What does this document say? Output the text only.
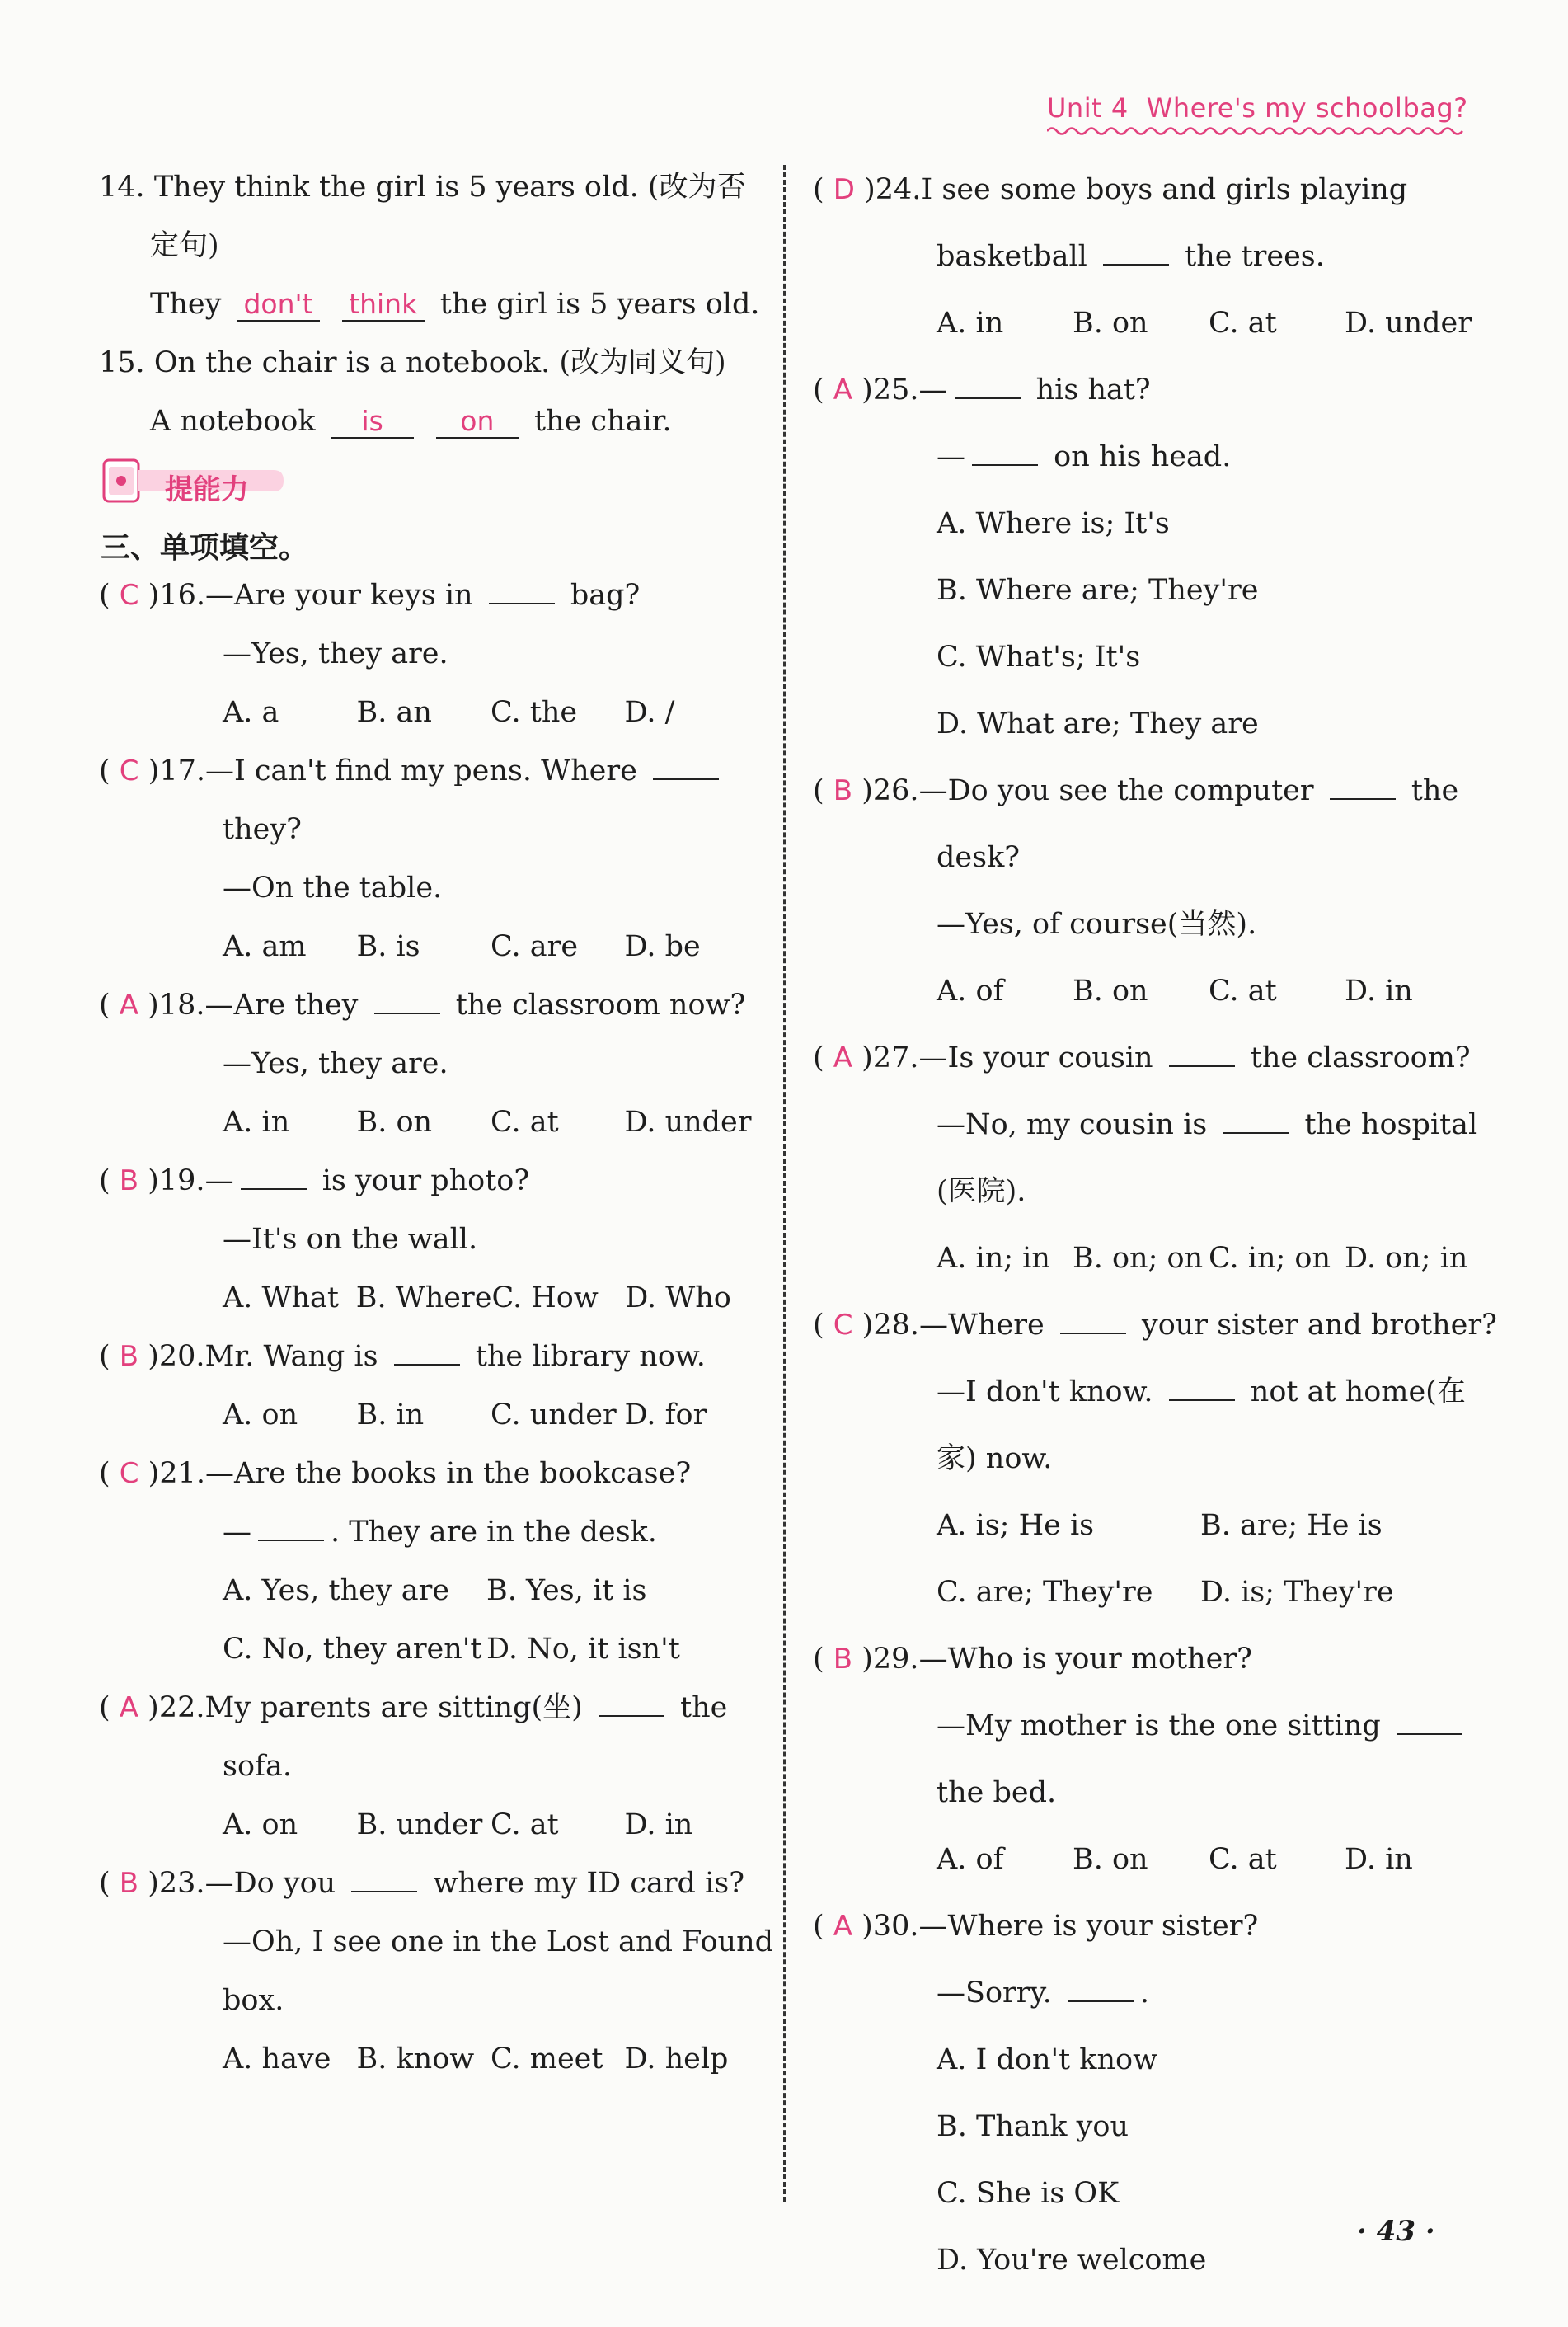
Unit 4 Where's my schoolbag?
14. They think the girl is 5 years old. (改为否
定句)
They don't think the girl is 5 years old.
15. On the chair is a notebook. (改为同义句)
A notebook is	on the chair.
( C )16.—Are your keys in	bag?
—Yes, they are.
A. a	B. an	C. the	D. /
( C )17.—I can't find my pens. Where
they?
—On the table.
A. am	B. is	C. are	D. be
( A )18.—Are they	the classroom now?
—Yes, they are.
A. in	B. on	C. at	D. under
( B )19.—	is your photo?
—It's on the wall.
A. What B. Where C. How D. Who
( B )20.Mr. Wang is	the library now.
A. on	B. in	C. under D. for
( C )21.—Are the books in the bookcase?
—	. They are in the desk.
A. Yes, they are	B. Yes, it is
C. No, they aren't D. No, it isn't
( A )22.My parents are sitting(坐)	the
sofa.
A. on	B. under C. at	D. in
( B )23.—Do you	where my ID card is?
—Oh, I see one in the Lost and Found
box.
A. have B. know C. meet D. help
提能力
三、单项填空。
( D )24.I see some boys and girls playing
basketball	the trees.
A. in	B. on	C. at	D. under
( A )25.—	his hat?
—	on his head.
A. Where is; It's
B. Where are; They're
C. What's; It's
D. What are; They are
( B )26.—Do you see the computer	the
desk?
—Yes, of course(当然).
A. of	B. on	C. at	D. in
( A )27.—Is your cousin	the classroom?
—No, my cousin is	the hospital
(医院).
A. in; in B. on; on C. in; on D. on; in
( C )28.—Where	your sister and brother?
—I don't know.	not at home(在
家) now.
A. is; He is	B. are; He is
C. are; They're	D. is; They're
( B )29.—Who is your mother?
—My mother is the one sitting
the bed.
A. of	B. on	C. at	D. in
( A )30.—Where is your sister?
—Sorry.	.
A. I don't know
B. Thank you
C. She is OK
D. You're welcome
· 43 ·
